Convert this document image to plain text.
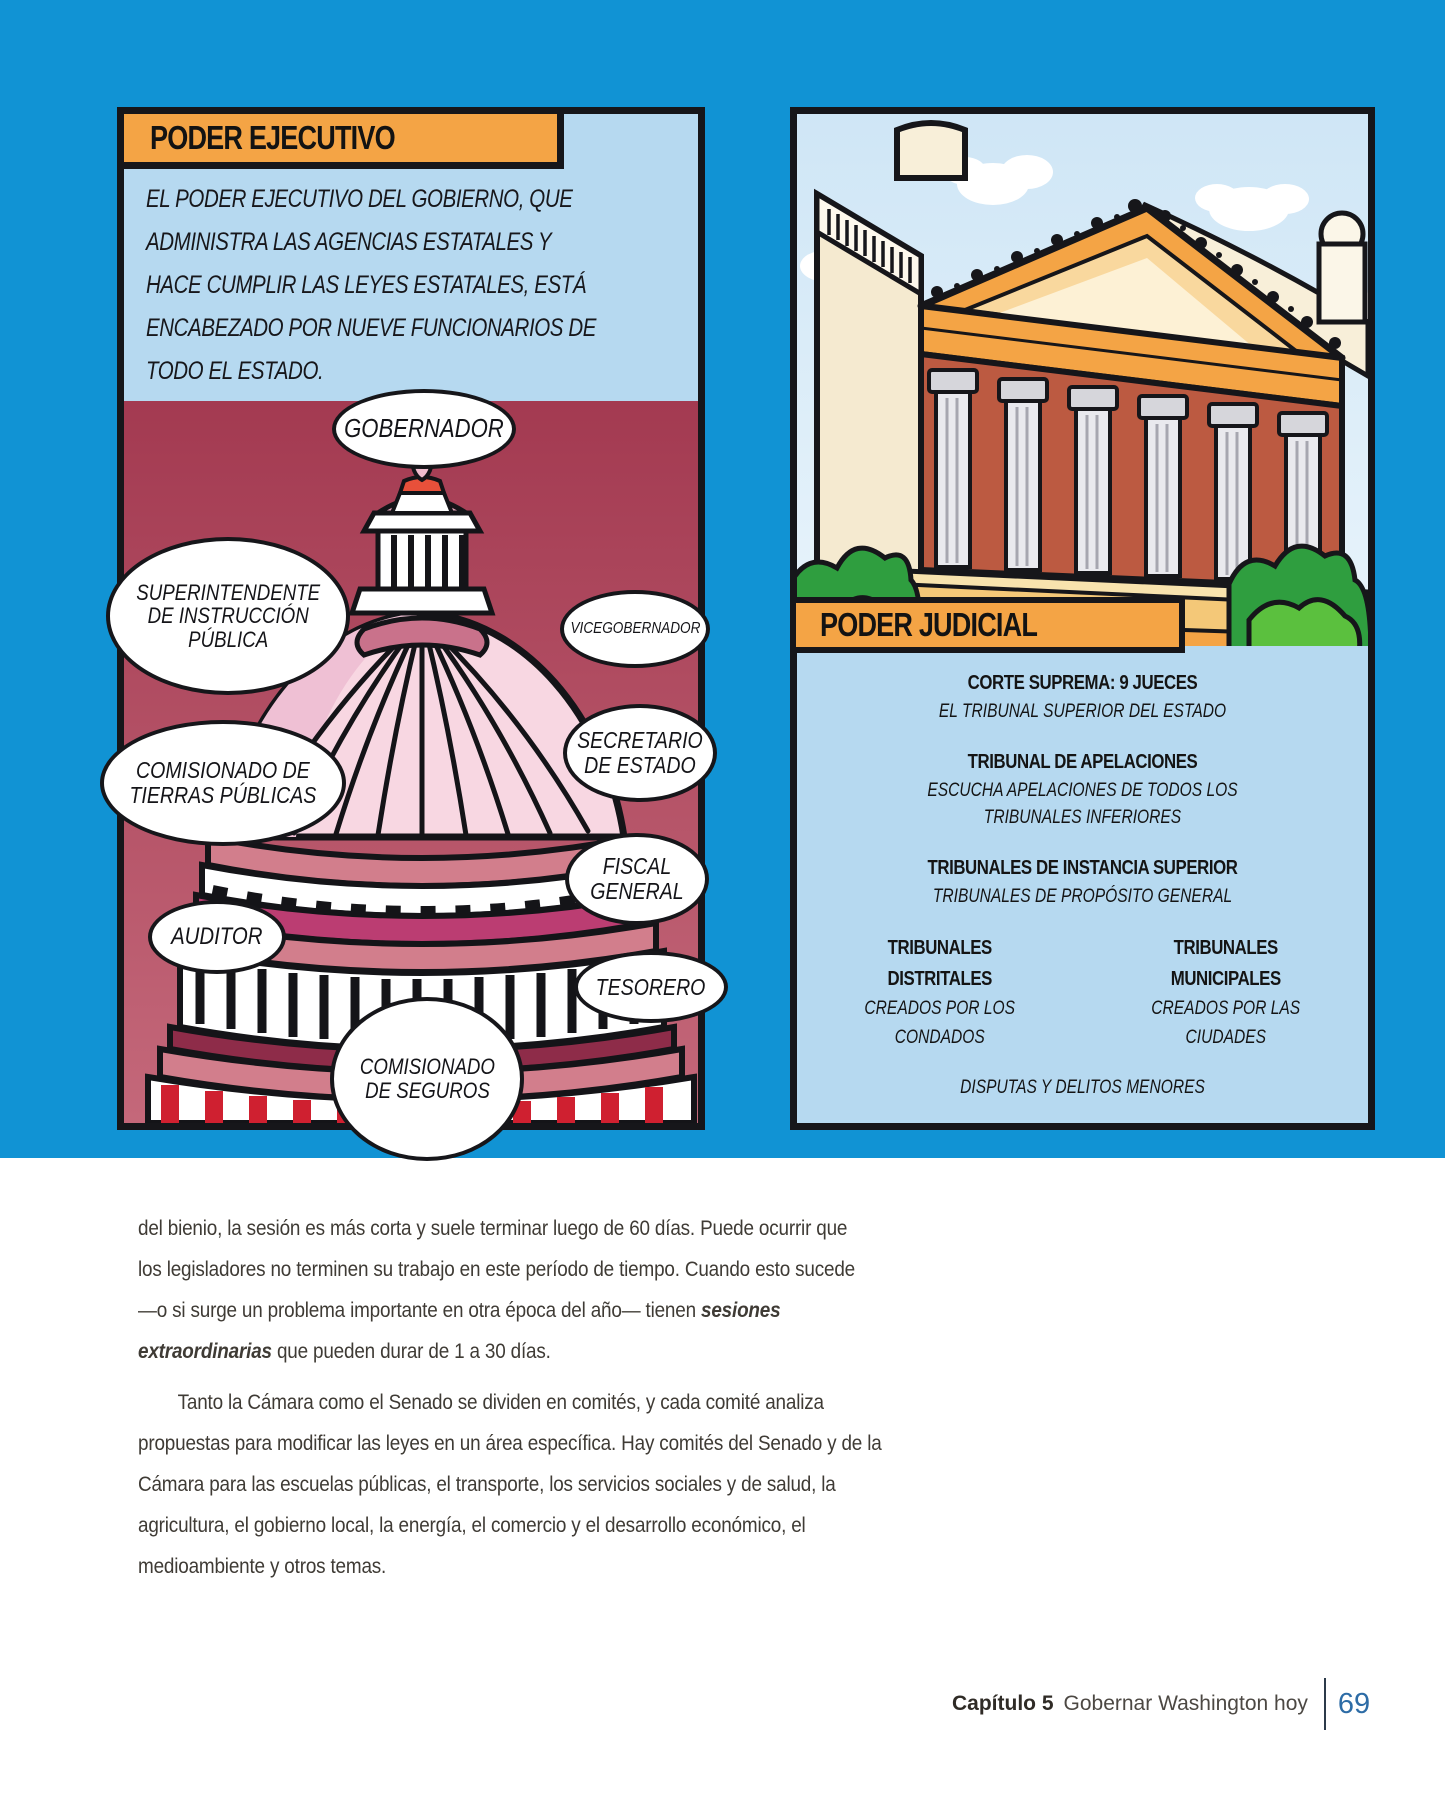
EL PODER EJECUTIVO DEL GOBIERNO, QUE
ADMINISTRA LAS AGENCIAS ESTATALES Y
HACE CUMPLIR LAS LEYES ESTATALES, ESTÁ
ENCABEZADO POR NUEVE FUNCIONARIOS DE
TODO EL ESTADO.
GOBERNADOR
SUPERINTENDENTE
DE INSTRUCCIÓN
PÚBLICA	VICEGOBERNADOR
COMISIONADO DE
TIERRAS PÚBLICAS
SECRETARIO
DE ESTADO
FISCAL
GENERAL
AUDITOR
TESORERO
COMISIONADO
DE SEGUROS
PODER EJECUTIVO
CORTE SUPREMA: 9 JUECES
EL TRIBUNAL SUPERIOR DEL ESTADO
TRIBUNAL DE APELACIONES
ESCUCHA APELACIONES DE TODOS LOS
TRIBUNALES INFERIORES
TRIBUNALES DE INSTANCIA SUPERIOR
TRIBUNALES DE PROPÓSITO GENERAL
TRIBUNALES
DISTRITALES
CREADOS POR LOS
CONDADOS
TRIBUNALES
MUNICIPALES
CREADOS POR LAS
CIUDADES
DISPUTAS Y DELITOS MENORES
PODER JUDICIAL
del bienio, la sesión es más corta y suele terminar luego de 60 días. Puede ocurrir que
los legisladores no terminen su trabajo en este período de tiempo. Cuando esto sucede
—o si surge un problema importante en otra época del año— tienen sesiones
extraordinarias que pueden durar de 1 a 30 días.
Tanto la Cámara como el Senado se dividen en comités, y cada comité analiza
propuestas para modificar las leyes en un área específica. Hay comités del Senado y de la
Cámara para las escuelas públicas, el transporte, los servicios sociales y de salud, la
agricultura, el gobierno local, la energía, el comercio y el desarrollo económico, el
medioambiente y otros temas.
Capítulo 5 Gobernar Washington hoy 69
